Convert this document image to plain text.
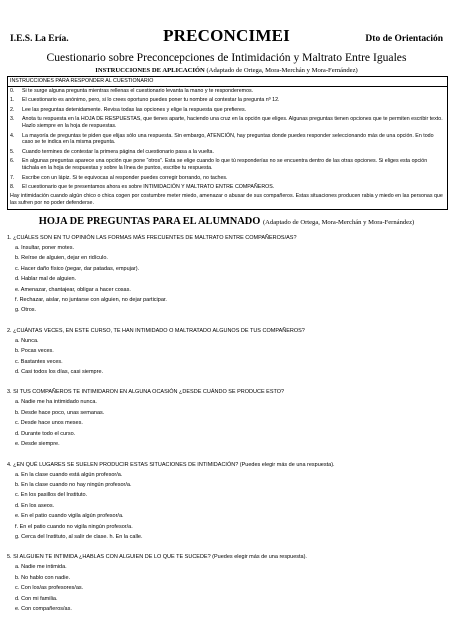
I.E.S. La Ería.	PRECONCIMEI	Dto de Orientación
Cuestionario sobre Preconcepciones de Intimidación y Maltrato Entre Iguales
INSTRUCCIONES DE APLICACIÓN (Adaptado de Ortega, Mora-Merchán y Mora-Fernández)
INSTRUCCIONES PARA RESPONDER AL CUESTIONARIO
0.	Si te surge alguna pregunta mientras rellenas el cuestionario levanta la mano y te responderemos.
1.	El cuestionario es anónimo, pero, si lo crees oportuno puedes poner tu nombre al contestar la pregunta nº 12.
2.	Lee las preguntas detenidamente. Revisa todas las opciones y elige la respuesta que prefieres.
3.	Anota tu respuesta en la HOJA DE RESPUESTAS, que tienes aparte, haciendo una cruz en la opción que eliges. Algunas preguntas tienen opciones que te permiten escribir texto. Hazlo siempre en la hoja de respuestas.
4.	La mayoría de preguntas te piden que elijas sólo una respuesta. Sin embargo, ATENCIÓN, hay preguntas donde puedes responder seleccionando más de una opción. En todo caso se te indica en la misma pregunta.
5.	Cuando termines de contestar la primera página del cuestionario pasa a la vuelta.
6.	En algunas preguntas aparece una opción que pone “otros”. Esta se elige cuando lo que tú responderías no se encuentra dentro de las otras opciones. Si eliges esta opción táchala en la hoja de respuestas y sobre la línea de puntos, escribe tu respuesta.
7.	Escribe con un lápiz. Si te equivocas al responder puedes corregir borrando, no taches.
8.	El cuestionario que te presentamos ahora es sobre INTIMIDACIÓN Y MALTRATO ENTRE COMPAÑEROS.
Hay intimidación cuando algún chico o chica cogen por costumbre meter miedo, amenazar o abusar de sus compañeros. Estas situaciones producen rabia y miedo en las personas que las sufren por no poder defenderse.
HOJA DE PREGUNTAS PARA EL ALUMNADO (Adaptado de Ortega, Mora-Merchán y Mora-Fernández)
1. ¿CUÁLES SON EN TU OPINIÓN LAS FORMAS MÁS FRECUENTES DE MALTRATO ENTRE COMPAÑEROS/AS?
a. Insultar, poner motes.
b. Reírse de alguien, dejar en ridículo.
c. Hacer daño físico (pegar, dar patadas, empujar).
d. Hablar mal de alguien.
e. Amenazar, chantajear, obligar a hacer cosas.
f. Rechazar, aislar, no juntarse con alguien, no dejar participar.
g. Otros.
2. ¿CUÁNTAS VECES, EN ESTE CURSO, TE HAN INTIMIDADO O MALTRATADO ALGUNOS DE TUS COMPAÑEROS?
a. Nunca.
b. Pocas veces.
c. Bastantes veces.
d. Casi todos los días, casi siempre.
3. SI TUS COMPAÑEROS TE INTIMIDARON EN ALGUNA OCASIÓN ¿DESDE CUÁNDO SE PRODUCE ESTO?
a. Nadie me ha intimidado nunca.
b. Desde hace poco, unas semanas.
c. Desde hace unos meses.
d. Durante todo el curso.
e. Desde siempre.
4. ¿EN QUÉ LUGARES SE SUELEN PRODUCIR ESTAS SITUACIONES DE INTIMIDACIÓN? (Puedes elegir más de una respuesta).
a. En la clase cuando está algún profesor/a.
b. En la clase cuando no hay ningún profesor/a.
c. En los pasillos del Instituto.
d. En los aseos.
e. En el patio cuando vigila algún profesor/a.
f. En el patio cuando no vigila ningún profesor/a.
g. Cerca del Instituto, al salir de clase. h. En la calle.
5. SI ALGUIEN TE INTIMIDA ¿HABLAS CON ALGUIEN DE LO QUE TE SUCEDE? (Puedes elegir más de una respuesta).
a. Nadie me intimida.
b. No hablo con nadie.
c. Con los/as profesores/as.
d. Con mi familia.
e. Con compañeros/as.
